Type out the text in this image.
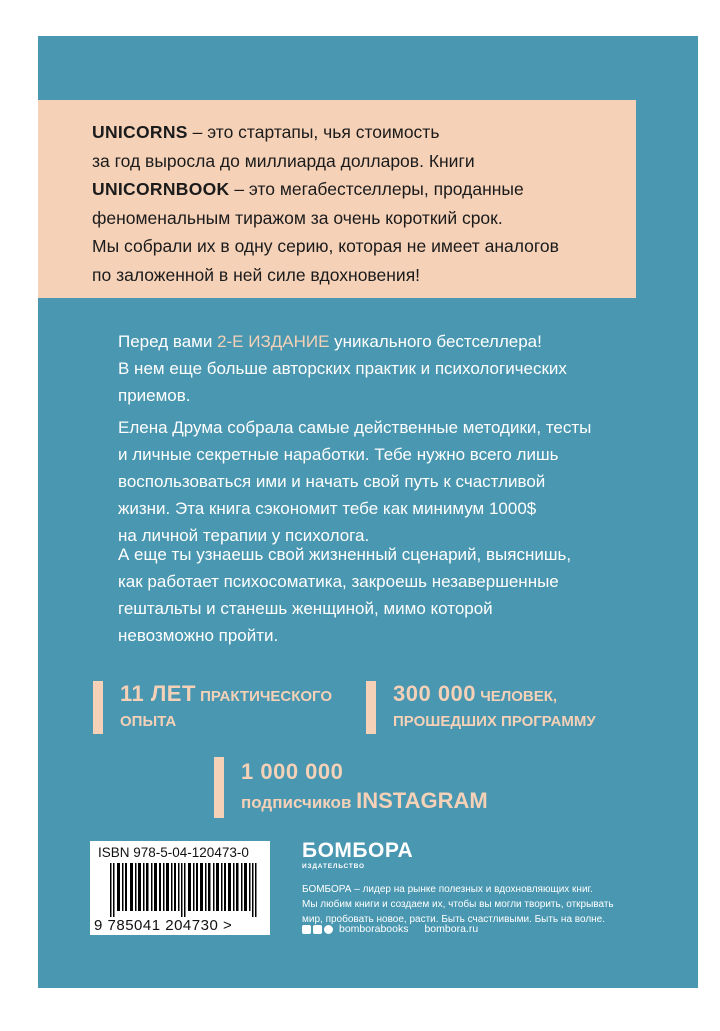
UNICORNS – это стартапы, чья стоимость
за год выросла до миллиарда долларов. Книги
UNICORNBOOK – это мегабестселлеры, проданные
феноменальным тиражом за очень короткий срок.
Мы собрали их в одну серию, которая не имеет аналогов
по заложенной в ней силе вдохновения!
Перед вами 2-Е ИЗДАНИЕ уникального бестселлера!
В нем еще больше авторских практик и психологических
приемов.
Елена Друма собрала самые действенные методики, тесты
и личные секретные наработки. Тебе нужно всего лишь
воспользоваться ими и начать свой путь к счастливой
жизни. Эта книга сэкономит тебе как минимум 1000$
на личной терапии у психолога.
А еще ты узнаешь свой жизненный сценарий, выяснишь,
как работает психосоматика, закроешь незавершенные
гештальты и станешь женщиной, мимо которой
невозможно пройти.
11 ЛЕТ ПРАКТИЧЕСКОГО
ОПЫТА
300 000 ЧЕЛОВЕК,
ПРОШЕДШИХ ПРОГРАММУ
1 000 000
подписчиков INSTAGRAM
ISBN 978-5-04-120473-0
9 785041 204730 >
БОМБОРА
ИЗДАТЕЛЬСТВО
БОМБОРА – лидер на рынке полезных и вдохновляющих книг.
Мы любим книги и создаем их, чтобы вы могли творить, открывать
мир, пробовать новое, расти. Быть счастливыми. Быть на волне.
bomborabooks bombora.ru
